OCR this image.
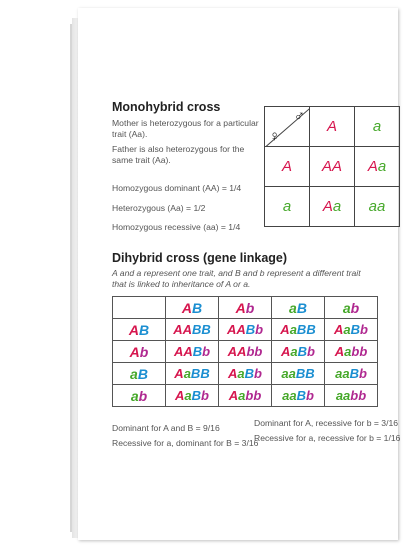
Monohybrid cross

Mother is heterozygous for a particular trait (Aa).

Father is also heterozygous for the same trait (Aa).

Homozygous dominant (AA) = 1/4

Heterozygous (Aa) = 1/2

Homozygous recessive (aa) = 1/4

♂
♀	A	a
A	AA	Aa
a	Aa	aa
Dihybrid cross (gene linkage)

A and a represent one trait, and B and b represent a different trait that is linked to inheritance of A or a.

	AB	Ab	aB	ab
AB	AABB	AABb	AaBB	AaBb
Ab	AABb	AAbb	AaBb	Aabb
aB	AaBB	AaBb	aaBB	aaBb
ab	AaBb	Aabb	aaBb	aabb

Dominant for A and B = 9/16

Recessive for a, dominant for B = 3/16

Dominant for A, recessive for b = 3/16

Recessive for a, recessive for b = 1/16
